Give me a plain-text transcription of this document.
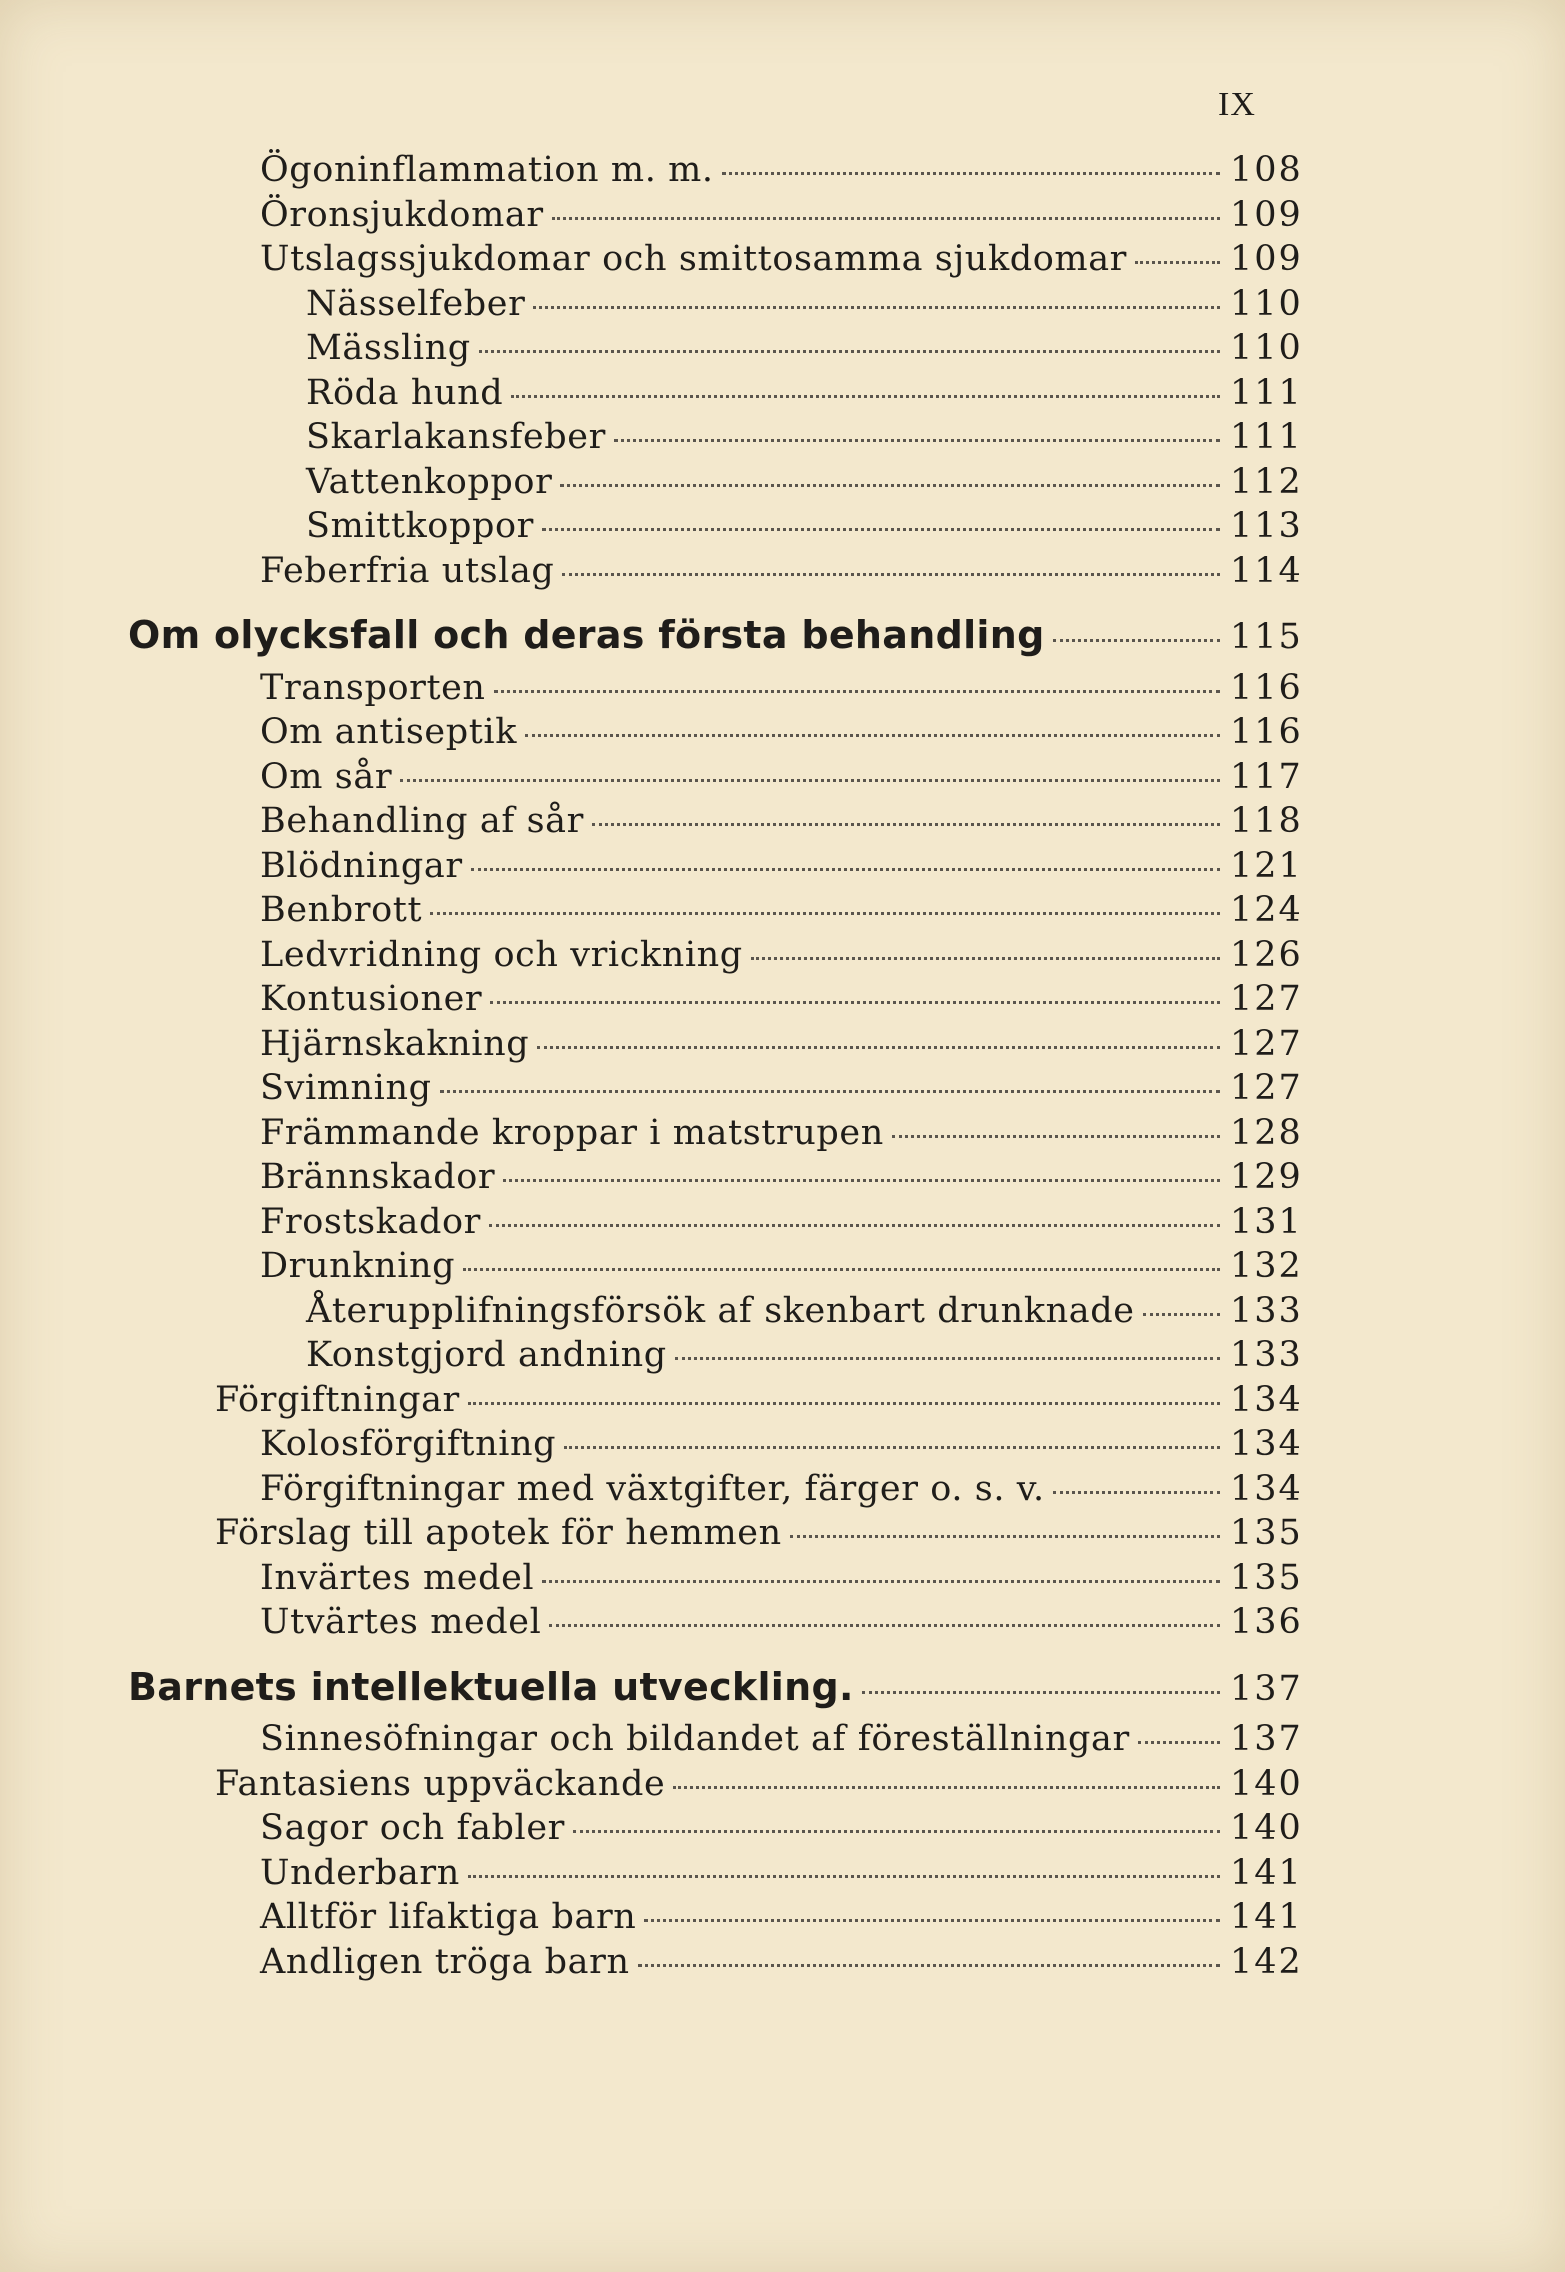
IX
Ögoninflammation m. m.	108
Öronsjukdomar	109
Utslagssjukdomar och smittosamma sjukdomar	109
Nässelfeber	110
Mässling	110
Röda hund	111
Skarlakansfeber	111
Vattenkoppor	112
Smittkoppor	113
Feberfria utslag	114
Om olycksfall och deras första behandling	115
Transporten	116
Om antiseptik	116
Om sår	117
Behandling af sår	118
Blödningar	121
Benbrott	124
Ledvridning och vrickning	126
Kontusioner	127
Hjärnskakning	127
Svimning	127
Främmande kroppar i matstrupen	128
Brännskador	129
Frostskador	131
Drunkning	132
Återupplifningsförsök af skenbart drunknade	133
Konstgjord andning	133
Förgiftningar	134
Kolosförgiftning	134
Förgiftningar med växtgifter, färger o. s. v.	134
Förslag till apotek för hemmen	135
Invärtes medel	135
Utvärtes medel	136
Barnets intellektuella utveckling.	137
Sinnesöfningar och bildandet af föreställningar	137
Fantasiens uppväckande	140
Sagor och fabler	140
Underbarn	141
Alltför lifaktiga barn	141
Andligen tröga barn	142
